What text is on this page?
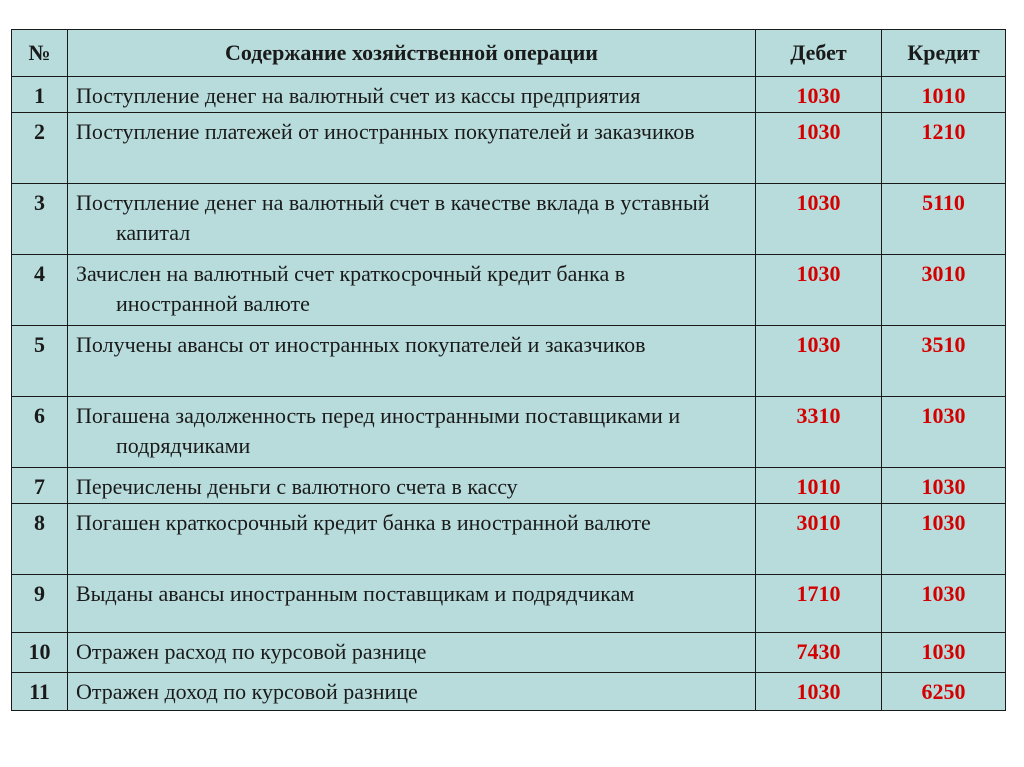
№	Содержание хозяйственной операции	Дебет	Кредит
1	Поступление денег на валютный счет из кассы предприятия	1030	1010
2	Поступление платежей от иностранных покупателей и заказчиков	1030	1210
3	Поступление денег на валютный счет в качестве вклада в уставный капитал	1030	5110
4	Зачислен на валютный счет краткосрочный кредит банка в иностранной валюте	1030	3010
5	Получены авансы от иностранных покупателей и заказчиков	1030	3510
6	Погашена задолженность перед иностранными поставщиками и подрядчиками	3310	1030
7	Перечислены деньги с валютного счета в кассу	1010	1030
8	Погашен краткосрочный кредит банка в иностранной валюте	3010	1030
9	Выданы авансы иностранным поставщикам и подрядчикам	1710	1030
10	Отражен расход по курсовой разнице	7430	1030
11	Отражен доход по курсовой разнице	1030	6250
